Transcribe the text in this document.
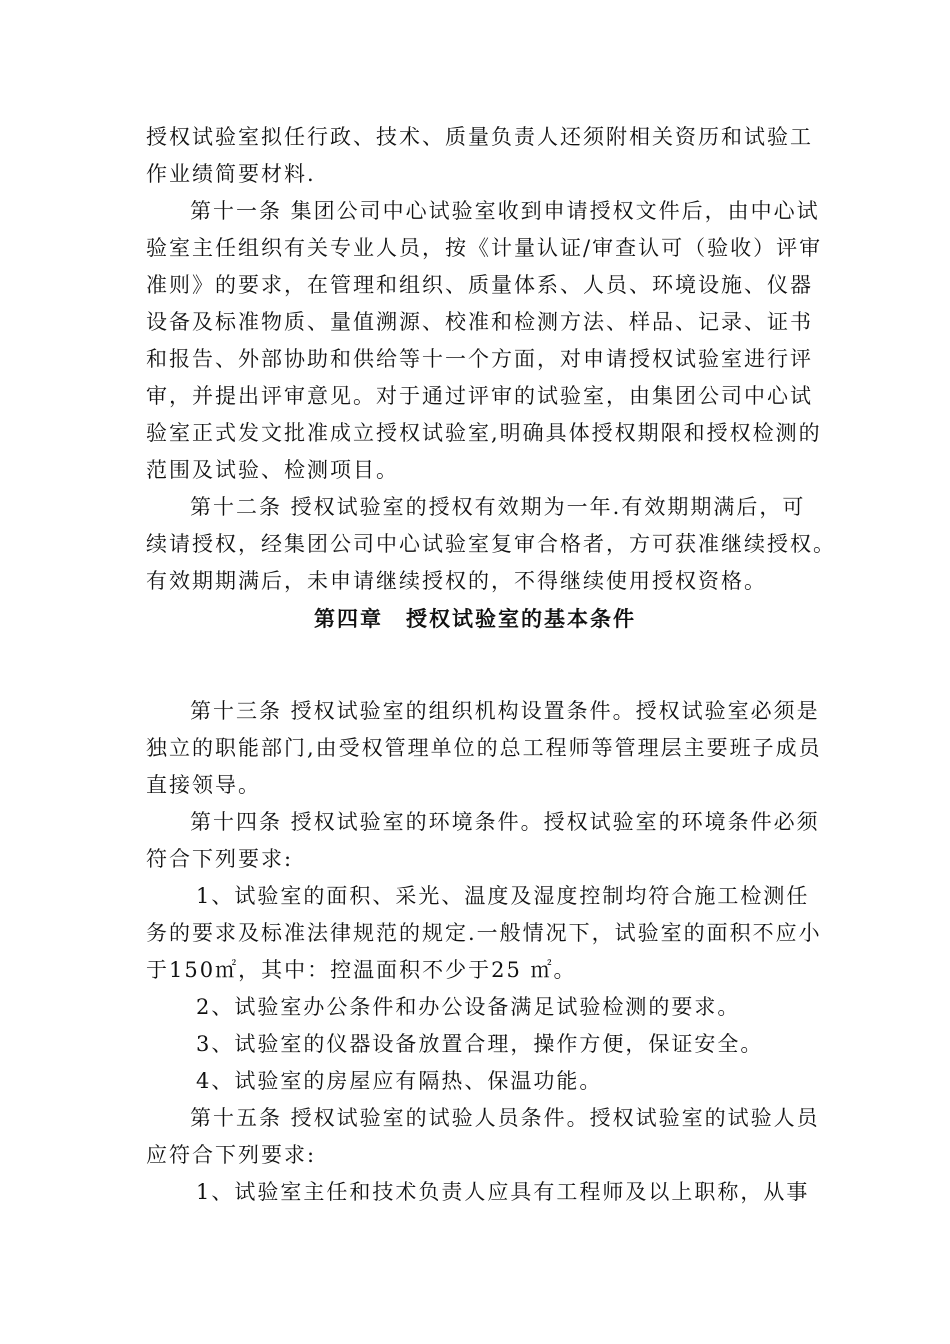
授权试验室拟任行政、技术、质量负责人还须附相关资历和试验工
作业绩简要材料.
第十一条 集团公司中心试验室收到申请授权文件后，由中心试
验室主任组织有关专业人员，按《计量认证/审查认可（验收）评审
准则》的要求，在管理和组织、质量体系、人员、环境设施、仪器
设备及标准物质、量值溯源、校准和检测方法、样品、记录、证书
和报告、外部协助和供给等十一个方面，对申请授权试验室进行评
审，并提出评审意见。对于通过评审的试验室，由集团公司中心试
验室正式发文批准成立授权试验室,明确具体授权期限和授权检测的
范围及试验、检测项目。
第十二条 授权试验室的授权有效期为一年.有效期期满后，可
续请授权，经集团公司中心试验室复审合格者，方可获准继续授权。
有效期期满后，未申请继续授权的，不得继续使用授权资格。
第四章　授权试验室的基本条件
第十三条 授权试验室的组织机构设置条件。授权试验室必须是
独立的职能部门,由受权管理单位的总工程师等管理层主要班子成员
直接领导。
第十四条 授权试验室的环境条件。授权试验室的环境条件必须
符合下列要求:
1、试验室的面积、采光、温度及湿度控制均符合施工检测任
务的要求及标准法律规范的规定.一般情况下，试验室的面积不应小
于150㎡，其中：控温面积不少于25 ㎡。
2、试验室办公条件和办公设备满足试验检测的要求。
3、试验室的仪器设备放置合理，操作方便，保证安全。
4、试验室的房屋应有隔热、保温功能。
第十五条 授权试验室的试验人员条件。授权试验室的试验人员
应符合下列要求:
1、试验室主任和技术负责人应具有工程师及以上职称，从事
